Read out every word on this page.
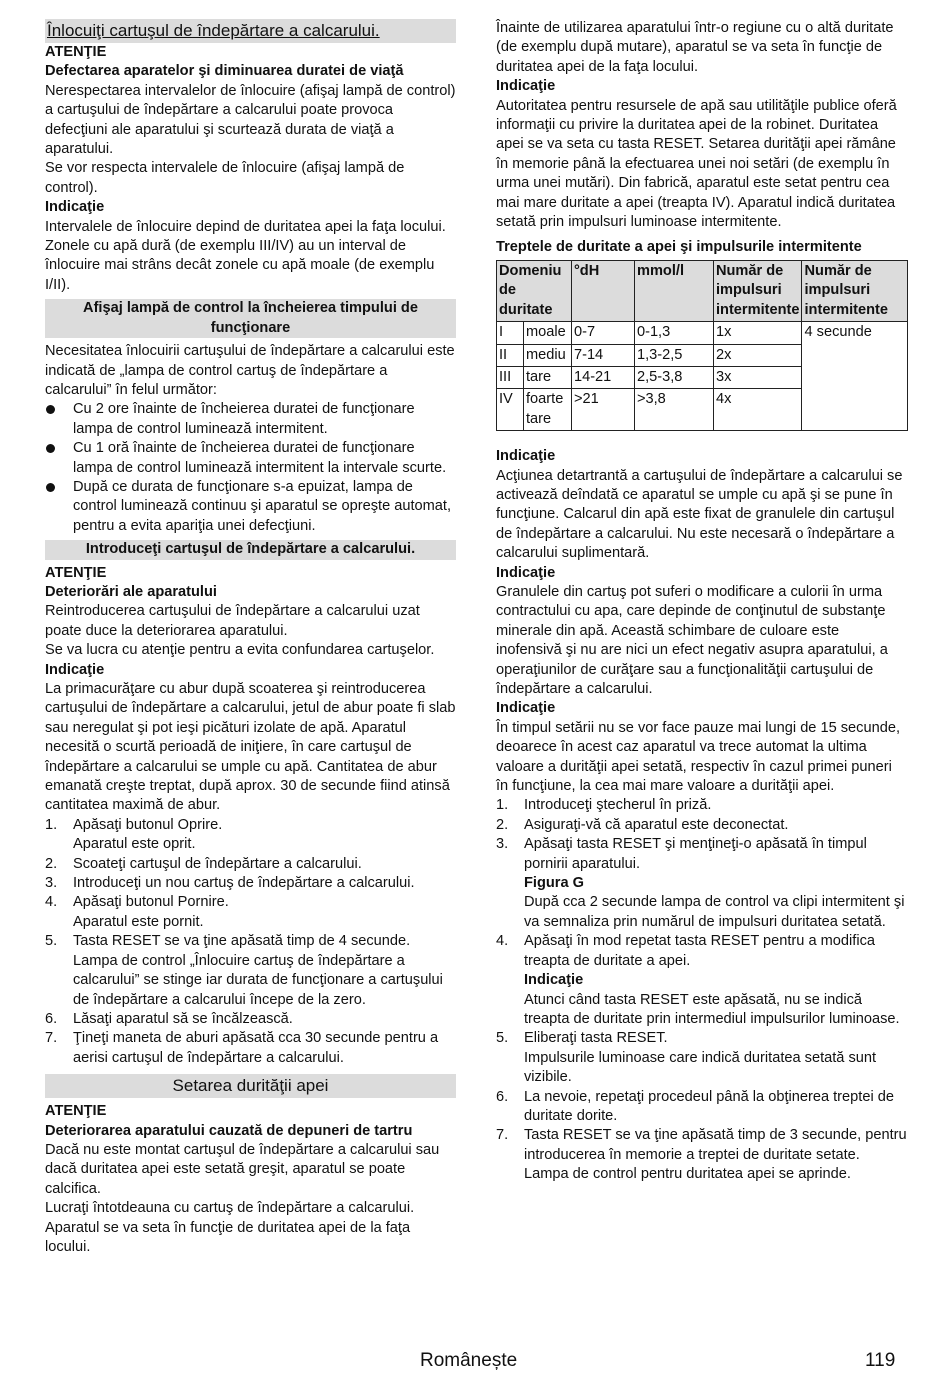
Înlocuiţi cartuşul de îndepărtare a calcarului.
ATENŢIE
Defectarea aparatelor şi diminuarea duratei de viaţă

Nerespectarea intervalelor de înlocuire (afişaj lampă de control) a cartuşului de îndepărtare a calcarului poate provoca defecţiuni ale aparatului şi scurtează durata de viaţă a aparatului.

Se vor respecta intervalele de înlocuire (afişaj lampă de control).

Indicaţie

Intervalele de înlocuire depind de duritatea apei la faţa locului. Zonele cu apă dură (de exemplu III/IV) au un interval de înlocuire mai strâns decât zonele cu apă moale (de exemplu I/II).

Afişaj lampă de control la încheierea timpului de funcţionare

Necesitatea înlocuirii cartuşului de îndepărtare a calcarului este indicată de „lampa de control cartuş de îndepărtare a calcarului” în felul următor:

Cu 2 ore înainte de încheierea duratei de funcţionare lampa de control luminează intermitent.
Cu 1 oră înainte de încheierea duratei de funcţionare lampa de control luminează intermitent la intervale scurte.
După ce durata de funcţionare s-a epuizat, lampa de control luminează continuu şi aparatul se opreşte automat, pentru a evita apariţia unei defecţiuni.
Introduceţi cartuşul de îndepărtare a calcarului.
ATENŢIE
Deteriorări ale aparatului

Reintroducerea cartuşului de îndepărtare a calcarului uzat poate duce la deteriorarea aparatului.

Se va lucra cu atenţie pentru a evita confundarea cartuşelor.

Indicaţie

La primacurăţare cu abur după scoaterea şi reintroducerea cartuşului de îndepărtare a calcarului, jetul de abur poate fi slab sau neregulat şi pot ieşi picături izolate de apă. Aparatul necesită o scurtă perioadă de iniţiere, în care cartuşul de îndepărtare a calcarului se umple cu apă. Cantitatea de abur emanată creşte treptat, după aprox. 30 de secunde fiind atinsă cantitatea maximă de abur.

1. Apăsaţi butonul Oprire.
Aparatul este oprit.
2. Scoateţi cartuşul de îndepărtare a calcarului.
3. Introduceţi un nou cartuş de îndepărtare a calcarului.
4. Apăsaţi butonul Pornire.
Aparatul este pornit.
5. Tasta RESET se va ţine apăsată timp de 4 secunde.
Lampa de control „Înlocuire cartuş de îndepărtare a calcarului” se stinge iar durata de funcţionare a cartuşului de îndepărtare a calcarului începe de la zero.
6. Lăsaţi aparatul să se încălzească.
7. Ţineţi maneta de aburi apăsată cca 30 secunde pentru a aerisi cartuşul de îndepărtare a calcarului.
Setarea durităţii apei
ATENŢIE
Deteriorarea aparatului cauzată de depuneri de tartru

Dacă nu este montat cartuşul de îndepărtare a calcarului sau dacă duritatea apei este setată greşit, aparatul se poate calcifica.

Lucraţi întotdeauna cu cartuş de îndepărtare a calcarului.

Aparatul se va seta în funcţie de duritatea apei de la faţa locului.

Înainte de utilizarea aparatului într-o regiune cu o altă duritate (de exemplu după mutare), aparatul se va seta în funcţie de duritatea apei de la faţa locului.

Indicaţie

Autoritatea pentru resursele de apă sau utilităţile publice oferă informaţii cu privire la duritatea apei de la robinet. Duritatea apei se va seta cu tasta RESET. Setarea durităţii apei rămâne în memorie până la efectuarea unei noi setări (de exemplu în urma unei mutări). Din fabrică, aparatul este setat pentru cea mai mare duritate a apei (treapta IV). Aparatul indică duritatea setată prin impulsuri luminoase intermitente.

Treptele de duritate a apei şi impulsurile intermitente
Domeniu de duritate		°dH	mmol/l	Număr de impulsuri intermitente	Număr de impulsuri intermitente
I	moale	0-7	0-1,3	1x	4 secunde
II	mediu	7-14	1,3-2,5	2x	
III	tare	14-21	2,5-3,8	3x	
IV	foarte tare	>21	>3,8	4x	
Indicaţie

Acţiunea detartrantă a cartuşului de îndepărtare a calcarului se activează deîndată ce aparatul se umple cu apă şi se pune în funcţiune. Calcarul din apă este fixat de granulele din cartuşul de îndepărtare a calcarului. Nu este necesară o îndepărtare a calcarului suplimentară.

Indicaţie

Granulele din cartuş pot suferi o modificare a culorii în urma contractului cu apa, care depinde de conţinutul de substanţe minerale din apă. Această schimbare de culoare este inofensivă şi nu are nici un efect negativ asupra aparatului, a operaţiunilor de curăţare sau a funcţionalităţii cartuşului de îndepărtare a calcarului.

Indicaţie

În timpul setării nu se vor face pauze mai lungi de 15 secunde, deoarece în acest caz aparatul va trece automat la ultima valoare a durităţii apei setată, respectiv în cazul primei puneri în funcţiune, la cea mai mare valoare a durităţii apei.

1. Introduceţi ştecherul în priză.
2. Asiguraţi-vă că aparatul este deconectat.
3. Apăsaţi tasta RESET şi menţineţi-o apăsată în timpul pornirii aparatului.
Figura G
După cca 2 secunde lampa de control va clipi intermitent şi va semnaliza prin numărul de impulsuri duritatea setată.
4. Apăsaţi în mod repetat tasta RESET pentru a modifica treapta de duritate a apei.
Indicaţie
Atunci când tasta RESET este apăsată, nu se indică treapta de duritate prin intermediul impulsurilor luminoase.
5. Eliberaţi tasta RESET.
Impulsurile luminoase care indică duritatea setată sunt vizibile.
6. La nevoie, repetaţi procedeul până la obţinerea treptei de duritate dorite.
7. Tasta RESET se va ţine apăsată timp de 3 secunde, pentru introducerea în memorie a treptei de duritate setate.
Lampa de control pentru duritatea apei se aprinde.
Românește	119
